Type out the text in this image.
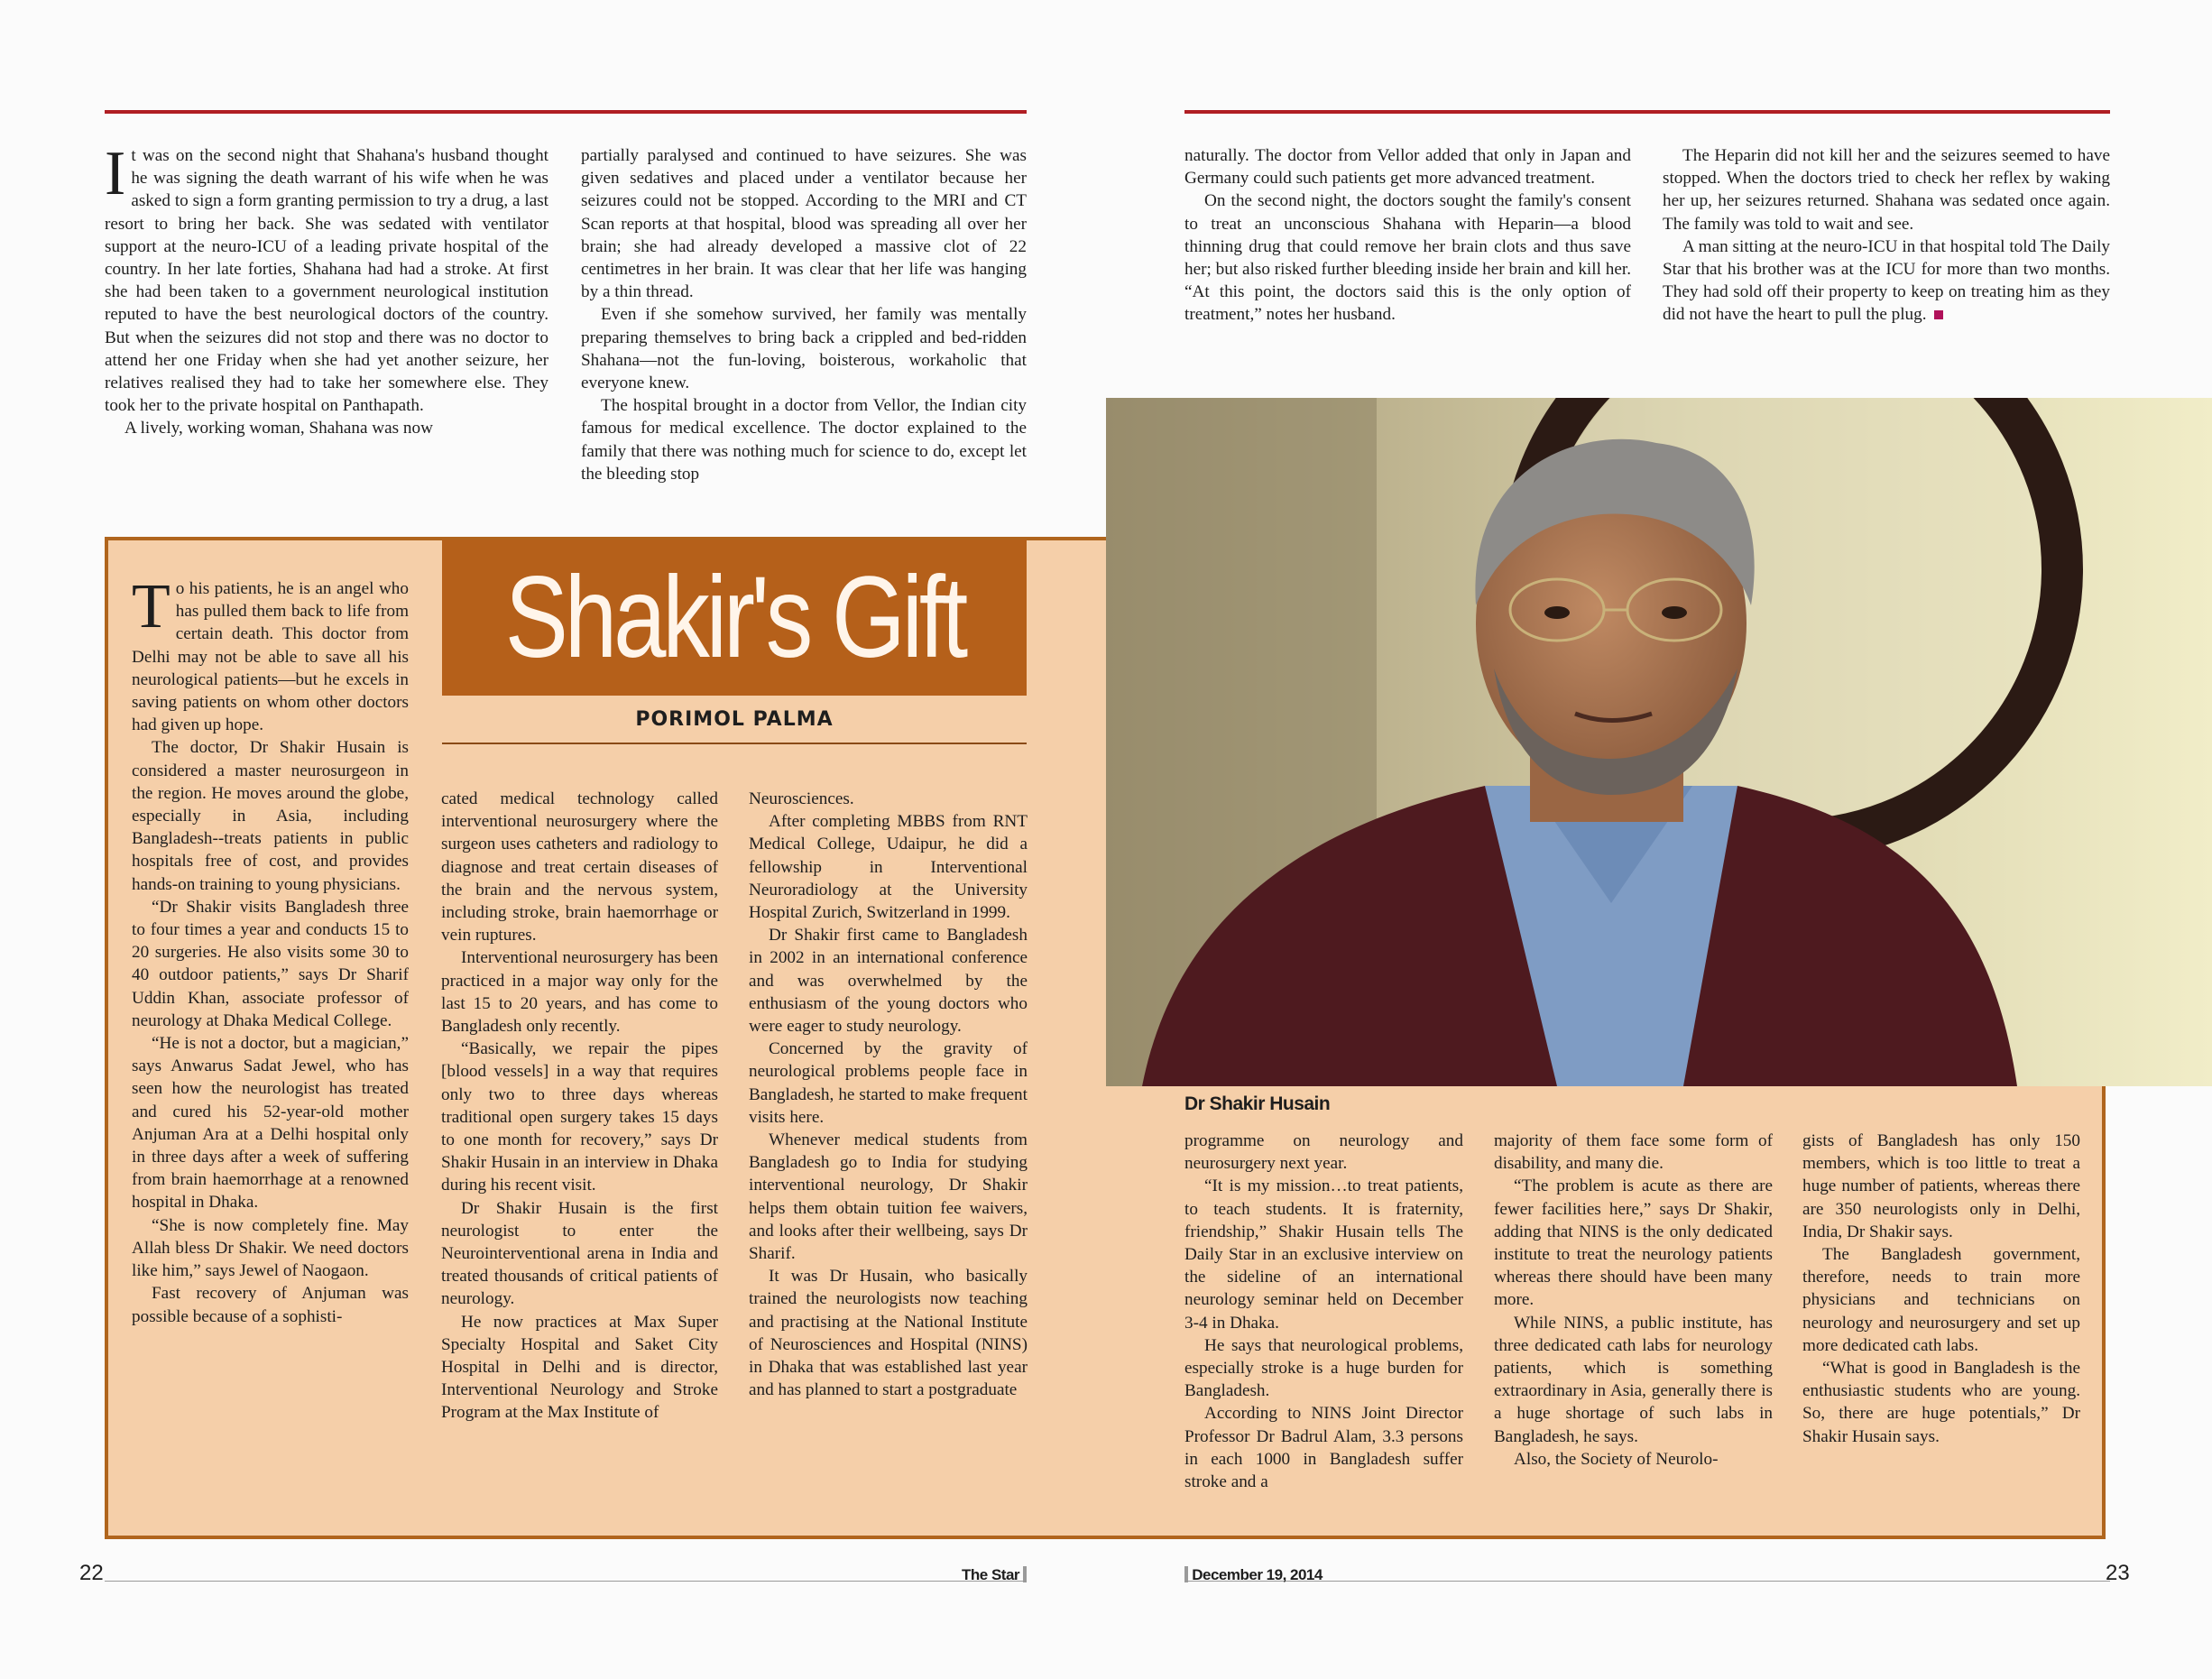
It was on the second night that Shahana's husband thought he was signing the death warrant of his wife when he was asked to sign a form granting permission to try a drug, a last resort to bring her back. She was sedated with ventilator support at the neuro-ICU of a leading private hospital of the country. In her late forties, Shahana had had a stroke. At first she had been taken to a government neurological institution reputed to have the best neurological doctors of the country. But when the seizures did not stop and there was no doctor to attend her one Friday when she had yet another seizure, her relatives realised they had to take her somewhere else. They took her to the private hospital on Panthapath.

A lively, working woman, Shahana was now

partially paralysed and continued to have seizures. She was given sedatives and placed under a ventilator because her seizures could not be stopped. According to the MRI and CT Scan reports at that hospital, blood was spreading all over her brain; she had already developed a massive clot of 22 centimetres in her brain. It was clear that her life was hanging by a thin thread.

Even if she somehow survived, her family was mentally preparing themselves to bring back a crippled and bed-ridden Shahana—not the fun-loving, boisterous, workaholic that everyone knew.

The hospital brought in a doctor from Vellor, the Indian city famous for medical excellence. The doctor explained to the family that there was nothing much for science to do, except let the bleeding stop

naturally. The doctor from Vellor added that only in Japan and Germany could such patients get more advanced treatment.

On the second night, the doctors sought the family's consent to treat an unconscious Shahana with Heparin—a blood thinning drug that could remove her brain clots and thus save her; but also risked further bleeding inside her brain and kill her. “At this point, the doctors said this is the only option of treatment,” notes her husband.

The Heparin did not kill her and the seizures seemed to have stopped. When the doctors tried to check her reflex by waking her up, her seizures returned. Shahana was sedated once again. The family was told to wait and see.

A man sitting at the neuro-ICU in that hospital told The Daily Star that his brother was at the ICU for more than two months. They had sold off their property to keep on treating him as they did not have the heart to pull the plug.

Shakir's Gift
PORIMOL PALMA
Dr Shakir Husain

To his patients, he is an angel who has pulled them back to life from certain death. This doctor from Delhi may not be able to save all his neurological patients—but he excels in saving patients on whom other doctors had given up hope.

The doctor, Dr Shakir Husain is considered a master neurosurgeon in the region. He moves around the globe, especially in Asia, including Bangladesh--treats patients in public hospitals free of cost, and provides hands-on training to young physicians.

“Dr Shakir visits Bangladesh three to four times a year and conducts 15 to 20 surgeries. He also visits some 30 to 40 outdoor patients,” says Dr Sharif Uddin Khan, associate professor of neurology at Dhaka Medical College.

“He is not a doctor, but a magician,” says Anwarus Sadat Jewel, who has seen how the neurologist has treated and cured his 52-year-old mother Anjuman Ara at a Delhi hospital only in three days after a week of suffering from brain haemorrhage at a renowned hospital in Dhaka.

“She is now completely fine. May Allah bless Dr Shakir. We need doctors like him,” says Jewel of Naogaon.

Fast recovery of Anjuman was possible because of a sophisti-

cated medical technology called interventional neurosurgery where the surgeon uses catheters and radiology to diagnose and treat certain diseases of the brain and the nervous system, including stroke, brain haemorrhage or vein ruptures.

Interventional neurosurgery has been practiced in a major way only for the last 15 to 20 years, and has come to Bangladesh only recently.

“Basically, we repair the pipes [blood vessels] in a way that requires only two to three days whereas traditional open surgery takes 15 days to one month for recovery,” says Dr Shakir Husain in an interview in Dhaka during his recent visit.

Dr Shakir Husain is the first neurologist to enter the Neurointerventional arena in India and treated thousands of critical patients of neurology.

He now practices at Max Super Specialty Hospital and Saket City Hospital in Delhi and is director, Interventional Neurology and Stroke Program at the Max Institute of

Neurosciences.

After completing MBBS from RNT Medical College, Udaipur, he did a fellowship in Interventional Neuroradiology at the University Hospital Zurich, Switzerland in 1999.

Dr Shakir first came to Bangladesh in 2002 in an international conference and was overwhelmed by the enthusiasm of the young doctors who were eager to study neurology.

Concerned by the gravity of neurological problems people face in Bangladesh, he started to make frequent visits here.

Whenever medical students from Bangladesh go to India for studying interventional neurology, Dr Shakir helps them obtain tuition fee waivers, and looks after their wellbeing, says Dr Sharif.

It was Dr Husain, who basically trained the neurologists now teaching and practising at the National Institute of Neurosciences and Hospital (NINS) in Dhaka that was established last year and has planned to start a postgraduate

programme on neurology and neurosurgery next year.

“It is my mission…to treat patients, to teach students. It is fraternity, friendship,” Shakir Husain tells The Daily Star in an exclusive interview on the sideline of an international neurology seminar held on December 3-4 in Dhaka.

He says that neurological problems, especially stroke is a huge burden for Bangladesh.

According to NINS Joint Director Professor Dr Badrul Alam, 3.3 persons in each 1000 in Bangladesh suffer stroke and a

majority of them face some form of disability, and many die.

“The problem is acute as there are fewer facilities here,” says Dr Shakir, adding that NINS is the only dedicated institute to treat the neurology patients whereas there should have been many more.

While NINS, a public institute, has three dedicated cath labs for neurology patients, which is something extraordinary in Asia, generally there is a huge shortage of such labs in Bangladesh, he says.

Also, the Society of Neurolo-

gists of Bangladesh has only 150 members, which is too little to treat a huge number of patients, whereas there are 350 neurologists only in Delhi, India, Dr Shakir says.

The Bangladesh government, therefore, needs to train more physicians and technicians on neurology and neurosurgery and set up more dedicated cath labs.

“What is good in Bangladesh is the enthusiastic students who are young. So, there are huge potentials,” Dr Shakir Husain says.

22	The Star	December 19, 2014	23
